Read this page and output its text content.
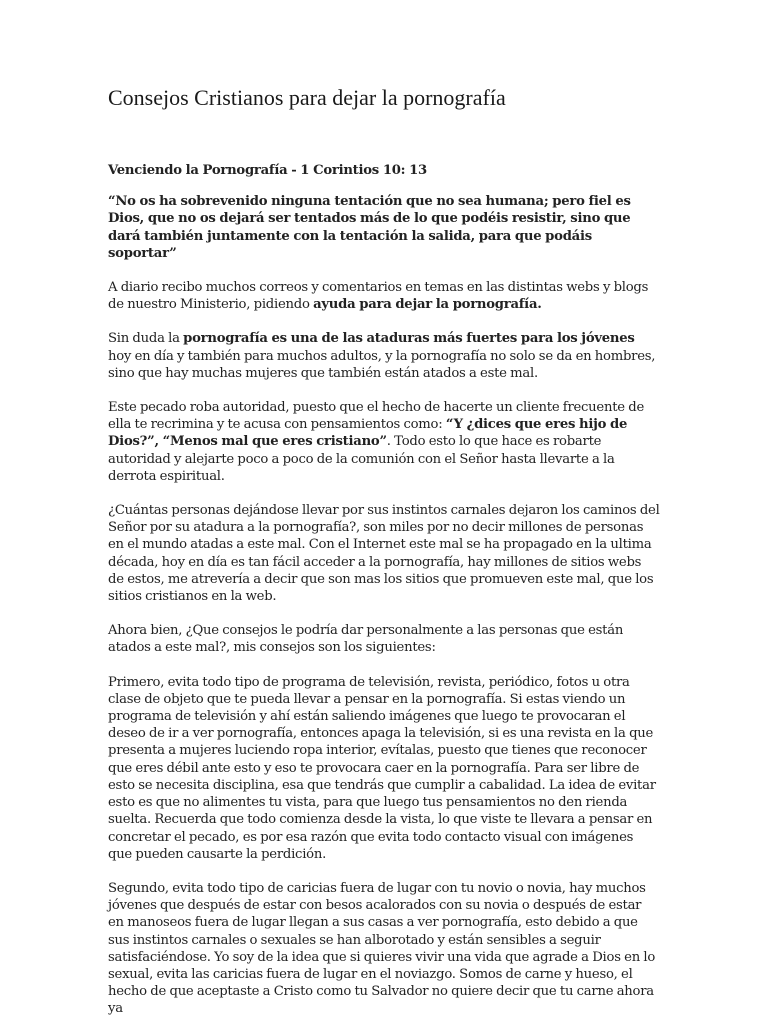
Consejos Cristianos para dejar la pornografía

Venciendo la Pornografía - 1 Corintios 10: 13

“No os ha sobrevenido ninguna tentación que no sea humana; pero fiel es Dios, que no os dejará ser tentados más de lo que podéis resistir, sino que dará también juntamente con la tentación la salida, para que podáis soportar”

A diario recibo muchos correos y comentarios en temas en las distintas webs y blogs de nuestro Ministerio, pidiendo ayuda para dejar la pornografía.

Sin duda la pornografía es una de las ataduras más fuertes para los jóvenes hoy en día y también para muchos adultos, y la pornografía no solo se da en hombres, sino que hay muchas mujeres que también están atados a este mal.

Este pecado roba autoridad, puesto que el hecho de hacerte un cliente frecuente de ella te recrimina y te acusa con pensamientos como: “Y ¿dices que eres hijo de Dios?”, “Menos mal que eres cristiano”. Todo esto lo que hace es robarte autoridad y alejarte poco a poco de la comunión con el Señor hasta llevarte a la derrota espiritual.

¿Cuántas personas dejándose llevar por sus instintos carnales dejaron los caminos del Señor por su atadura a la pornografía?, son miles por no decir millones de personas en el mundo atadas a este mal. Con el Internet este mal se ha propagado en la ultima década, hoy en día es tan fácil acceder a la pornografía, hay millones de sitios webs de estos, me atrevería a decir que son mas los sitios que promueven este mal, que los sitios cristianos en la web.

Ahora bien, ¿Que consejos le podría dar personalmente a las personas que están atados a este mal?, mis consejos son los siguientes:

Primero, evita todo tipo de programa de televisión, revista, periódico, fotos u otra clase de objeto que te pueda llevar a pensar en la pornografía. Si estas viendo un programa de televisión y ahí están saliendo imágenes que luego te provocaran el deseo de ir a ver pornografía, entonces apaga la televisión, si es una revista en la que presenta a mujeres luciendo ropa interior, evítalas, puesto que tienes que reconocer que eres débil ante esto y eso te provocara caer en la pornografía. Para ser libre de esto se necesita disciplina, esa que tendrás que cumplir a cabalidad. La idea de evitar esto es que no alimentes tu vista, para que luego tus pensamientos no den rienda suelta. Recuerda que todo comienza desde la vista, lo que viste te llevara a pensar en concretar el pecado, es por esa razón que evita todo contacto visual con imágenes que pueden causarte la perdición.

Segundo, evita todo tipo de caricias fuera de lugar con tu novio o novia, hay muchos jóvenes que después de estar con besos acalorados con su novia o después de estar en manoseos fuera de lugar llegan a sus casas a ver pornografía, esto debido a que sus instintos carnales o sexuales se han alborotado y están sensibles a seguir satisfaciéndose. Yo soy de la idea que si quieres vivir una vida que agrade a Dios en lo sexual, evita las caricias fuera de lugar en el noviazgo. Somos de carne y hueso, el hecho de que aceptaste a Cristo como tu Salvador no quiere decir que tu carne ahora ya
